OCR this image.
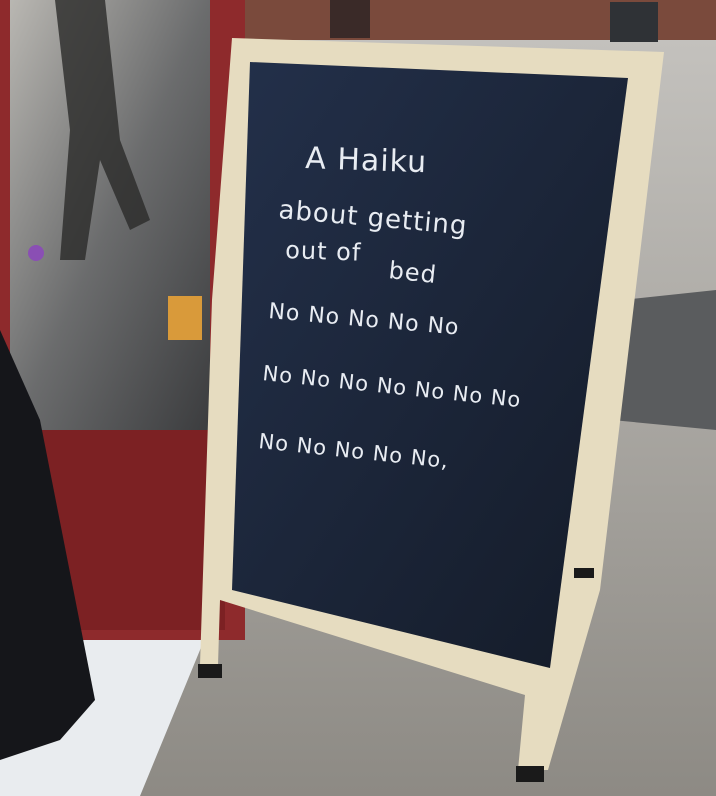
A Haiku
about getting
out of
bed
No No No No No
No No No No No No No
No No No No No,
